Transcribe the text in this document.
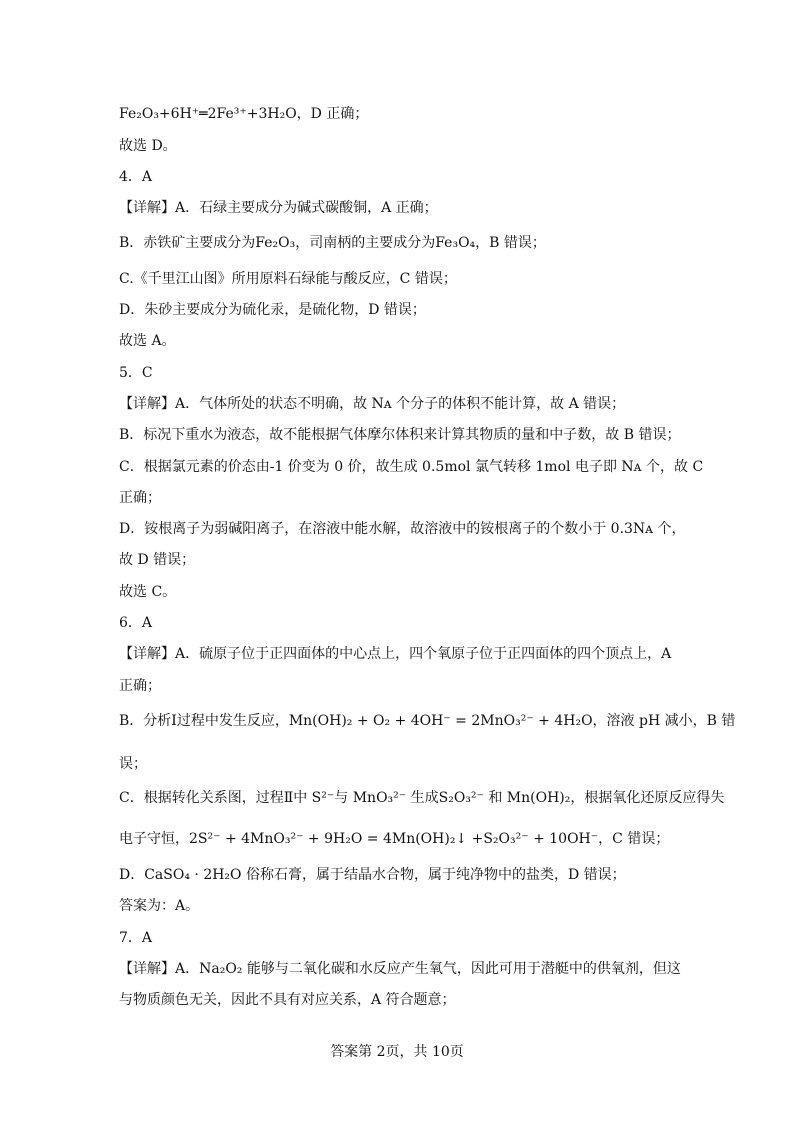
Fe₂O₃+6H⁺═2Fe³⁺+3H₂O，D 正确；
故选 D。
4．A
【详解】A．石绿主要成分为碱式碳酸铜，A 正确；
B．赤铁矿主要成分为Fe₂O₃，司南柄的主要成分为Fe₃O₄，B 错误；
C.《千里江山图》所用原料石绿能与酸反应，C 错误；
D．朱砂主要成分为硫化汞，是硫化物，D 错误；
故选 A。
5．C
【详解】A．气体所处的状态不明确，故 Nᴀ 个分子的体积不能计算，故 A 错误；
B．标况下重水为液态，故不能根据气体摩尔体积来计算其物质的量和中子数，故 B 错误；
C．根据氯元素的价态由-1 价变为 0 价，故生成 0.5mol 氯气转移 1mol 电子即 Nᴀ 个，故 C
正确；
D．铵根离子为弱碱阳离子，在溶液中能水解，故溶液中的铵根离子的个数小于 0.3Nᴀ 个，
故 D 错误；
故选 C。
6．A
【详解】A．硫原子位于正四面体的中心点上，四个氧原子位于正四面体的四个顶点上，A
正确；
B．分析Ⅰ过程中发生反应，Mn(OH)₂ + O₂ + 4OH⁻ = 2MnO₃²⁻ + 4H₂O，溶液 pH 减小，B 错
误；
C．根据转化关系图，过程Ⅱ中 S²⁻与 MnO₃²⁻ 生成S₂O₃²⁻ 和 Mn(OH)₂，根据氧化还原反应得失
电子守恒，2S²⁻ + 4MnO₃²⁻ + 9H₂O = 4Mn(OH)₂↓ +S₂O₃²⁻ + 10OH⁻，C 错误；
D．CaSO₄ · 2H₂O 俗称石膏，属于结晶水合物，属于纯净物中的盐类，D 错误；
答案为：A。
7．A
【详解】A．Na₂O₂ 能够与二氧化碳和水反应产生氧气，因此可用于潜艇中的供氧剂，但这
与物质颜色无关，因此不具有对应关系，A 符合题意；
答案第 2页，共 10页
